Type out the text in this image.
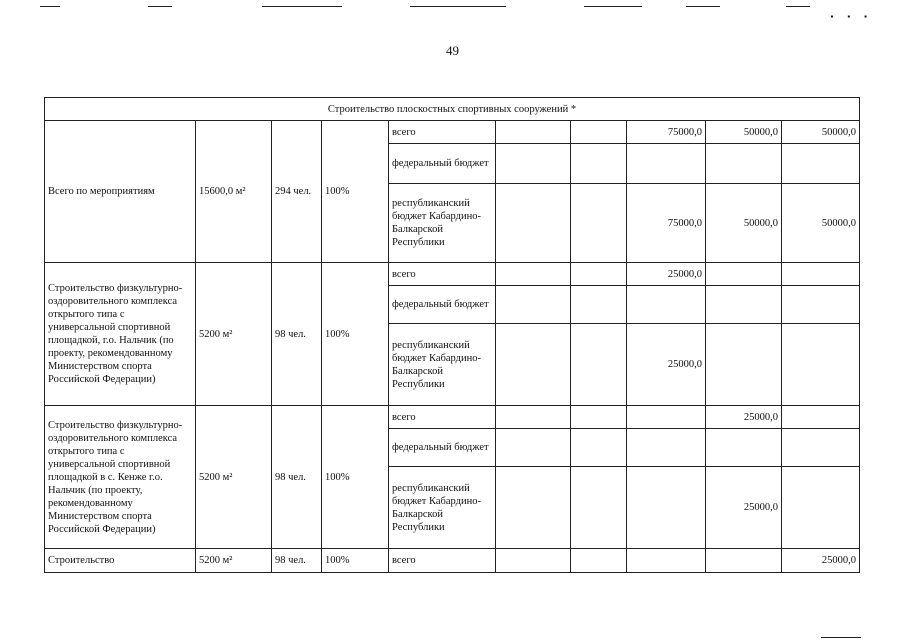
▪ ▪ ▪
49
Строительство плоскостных спортивных сооружений *									
Всего по мероприятиям	15600,0 м²	294 чел.	100%	всего			75000,0	50000,0	50000,0
				федеральный бюджет					
				республиканский бюджет Кабардино-Балкарской Республики			75000,0	50000,0	50000,0
Строительство физкультурно-оздоровительного комплекса открытого типа с универсальной спортивной площадкой, г.о. Нальчик (по проекту, рекомендованному Министерством спорта Российской Федерации)	5200 м²	98 чел.	100%	всего			25000,0		
				федеральный бюджет					
				республиканский бюджет Кабардино-Балкарской Республики			25000,0		
Строительство физкультурно-оздоровительного комплекса открытого типа с универсальной спортивной площадкой в с. Кенже г.о. Нальчик (по проекту, рекомендованному Министерством спорта Российской Федерации)	5200 м²	98 чел.	100%	всего				25000,0	
				федеральный бюджет					
				республиканский бюджет Кабардино-Балкарской Республики				25000,0	
Строительство	5200 м²	98 чел.	100%	всего					25000,0
